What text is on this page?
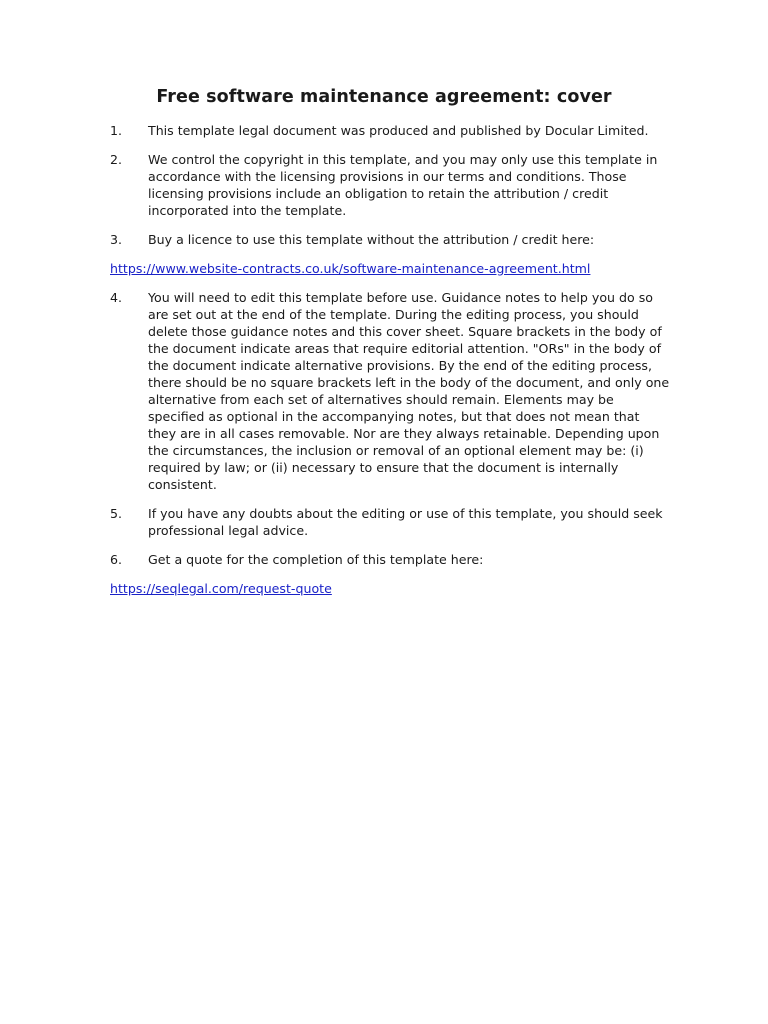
Free software maintenance agreement: cover
1.	This template legal document was produced and published by Docular Limited.
2.	We control the copyright in this template, and you may only use this template in accordance with the licensing provisions in our terms and conditions. Those licensing provisions include an obligation to retain the attribution / credit incorporated into the template.
3.	Buy a licence to use this template without the attribution / credit here:
https://www.website-contracts.co.uk/software-maintenance-agreement.html
4.	You will need to edit this template before use. Guidance notes to help you do so are set out at the end of the template. During the editing process, you should delete those guidance notes and this cover sheet. Square brackets in the body of the document indicate areas that require editorial attention. "ORs" in the body of the document indicate alternative provisions. By the end of the editing process, there should be no square brackets left in the body of the document, and only one alternative from each set of alternatives should remain. Elements may be specified as optional in the accompanying notes, but that does not mean that they are in all cases removable. Nor are they always retainable. Depending upon the circumstances, the inclusion or removal of an optional element may be: (i) required by law; or (ii) necessary to ensure that the document is internally consistent.
5.	If you have any doubts about the editing or use of this template, you should seek professional legal advice.
6.	Get a quote for the completion of this template here:
https://seqlegal.com/request-quote
